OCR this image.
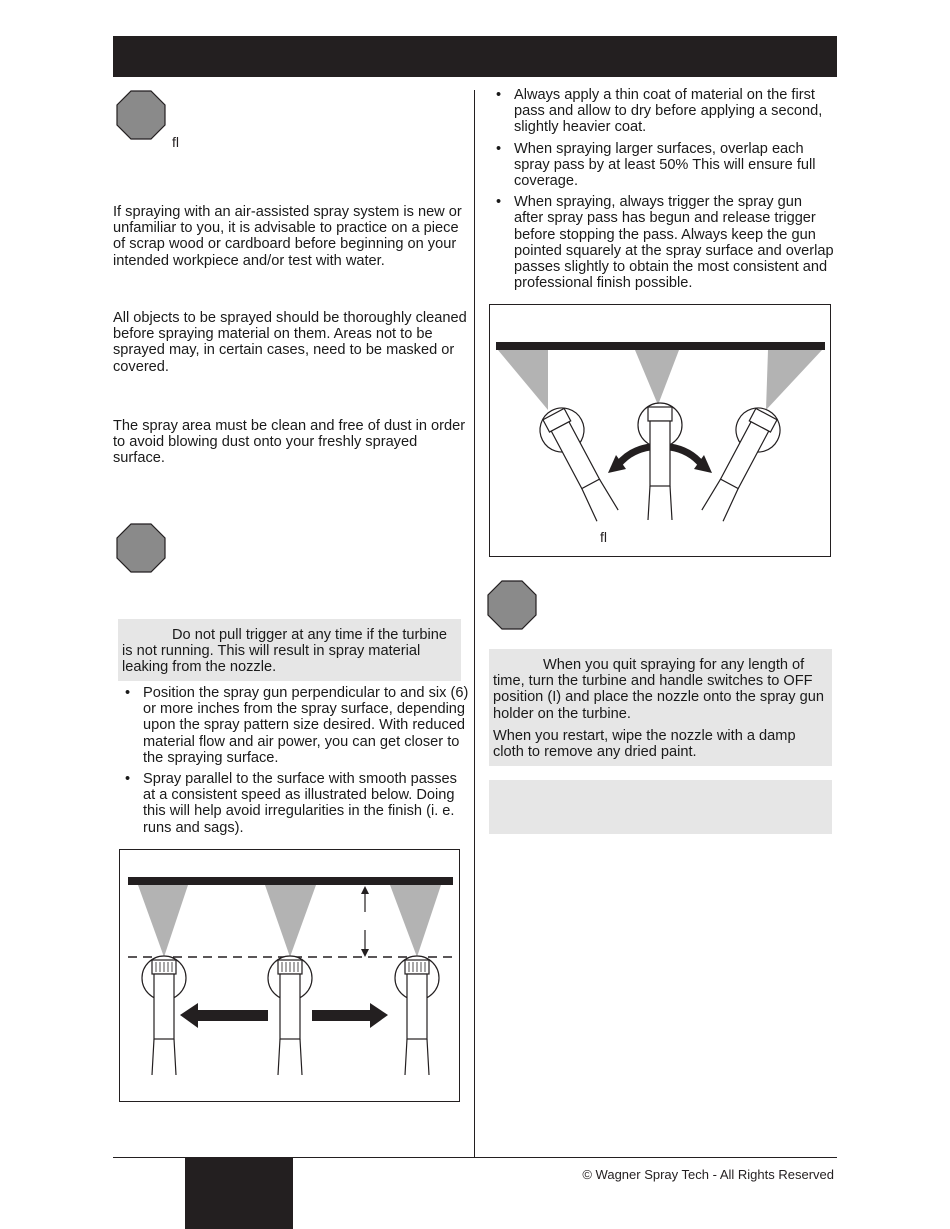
ﬂ

If spraying with an air-assisted spray system is new or unfamiliar to you, it is advisable to practice on a piece of scrap wood or cardboard before beginning on your intended workpiece and/or test with water.

All objects to be sprayed should be thoroughly cleaned before spraying material on them. Areas not to be sprayed may, in certain cases, need to be masked or covered.

The spray area must be clean and free of dust in order to avoid blowing dust onto your freshly sprayed surface.

Do not pull trigger at any time if the turbine is not running. This will result in spray material leaking from the nozzle.

• Position the spray gun perpendicular to and six (6) or more inches from the spray surface, depending upon the spray pattern size desired. With reduced material flow and air power, you can get closer to the spraying surface.
• Spray parallel to the surface with smooth passes at a consistent speed as illustrated below. Doing this will help avoid irregularities in the finish (i. e. runs and sags).
• Always apply a thin coat of material on the first pass and allow to dry before applying a second, slightly heavier coat.
• When spraying larger surfaces, overlap each spray pass by at least 50% This will ensure full coverage.
• When spraying, always trigger the spray gun after spray pass has begun and release trigger before stopping the pass. Always keep the gun pointed squarely at the spray surface and overlap passes slightly to obtain the most consistent and professional finish possible.
ﬂ

When you quit spraying for any length of time, turn the turbine and handle switches to OFF position (I) and place the nozzle onto the spray gun holder on the turbine.

When you restart, wipe the nozzle with a damp cloth to remove any dried paint.

© Wagner Spray Tech - All Rights Reserved
